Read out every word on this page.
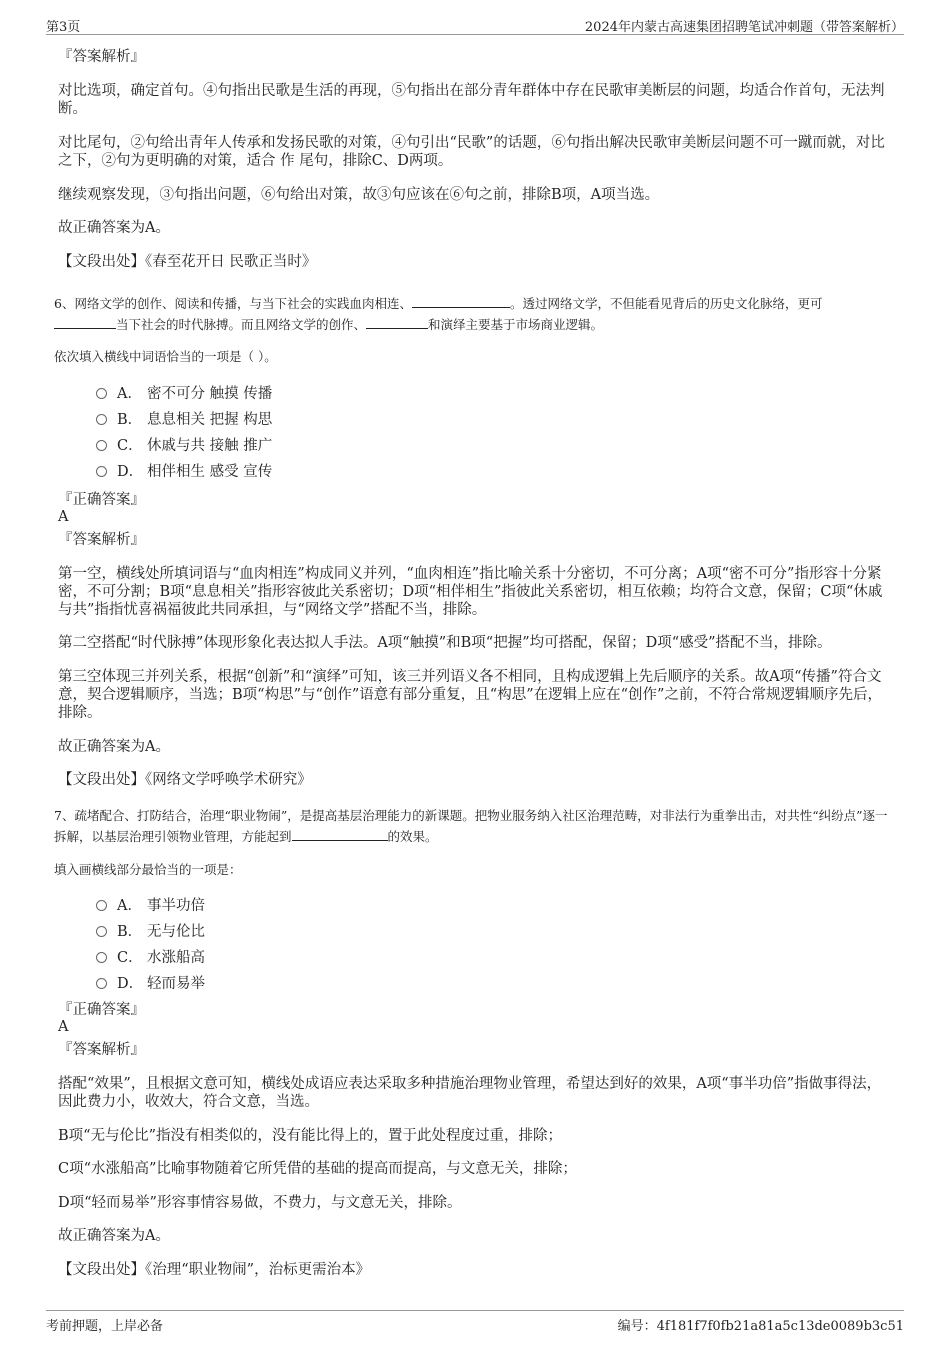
第3页	2024年内蒙古高速集团招聘笔试冲刺题（带答案解析）

『答案解析』

对比选项，确定首句。④句指出民歌是生活的再现，⑤句指出在部分青年群体中存在民歌审美断层的问题，均适合作首句，无法判断。

对比尾句，②句给出青年人传承和发扬民歌的对策，④句引出“民歌”的话题，⑥句指出解决民歌审美断层问题不可一蹴而就，对比之下，②句为更明确的对策，适合 作 尾句，排除C、D两项。

继续观察发现，③句指出问题，⑥句给出对策，故③句应该在⑥句之前，排除B项，A项当选。

故正确答案为A。

【文段出处】《春至花开日 民歌正当时》

6、网络文学的创作、阅读和传播，与当下社会的实践血肉相连、	。透过网络文学，不但能看见背后的历史文化脉络，更可
当下社会的时代脉搏。而且网络文学的创作、	和演绎主要基于市场商业逻辑。

依次填入横线中词语恰当的一项是（ ）。

A． 密不可分 触摸 传播
B． 息息相关 把握 构思
C． 休戚与共 接触 推广
D． 相伴相生 感受 宣传

『正确答案』

A

『答案解析』

第一空，横线处所填词语与“血肉相连”构成同义并列，“血肉相连”指比喻关系十分密切，不可分离；A项“密不可分”指形容十分紧密，不可分割；B项“息息相关”指形容彼此关系密切；D项“相伴相生”指彼此关系密切，相互依赖；均符合文意，保留；C项“休戚与共”指指忧喜祸福彼此共同承担，与“网络文学”搭配不当，排除。

第二空搭配“时代脉搏”体现形象化表达拟人手法。A项“触摸”和B项“把握”均可搭配，保留；D项“感受”搭配不当，排除。

第三空体现三并列关系，根据“创新”和“演绎”可知，该三并列语义各不相同，且构成逻辑上先后顺序的关系。故A项“传播”符合文意，契合逻辑顺序，当选；B项“构思”与“创作”语意有部分重复，且“构思”在逻辑上应在“创作”之前，不符合常规逻辑顺序先后，排除。

故正确答案为A。

【文段出处】《网络文学呼唤学术研究》

7、疏堵配合、打防结合，治理“职业物闹”，是提高基层治理能力的新课题。把物业服务纳入社区治理范畴，对非法行为重拳出击，对共性“纠纷点”逐一拆解，以基层治理引领物业管理，方能起到	的效果。

填入画横线部分最恰当的一项是：

A． 事半功倍
B． 无与伦比
C． 水涨船高
D． 轻而易举

『正确答案』

A

『答案解析』

搭配“效果”，且根据文意可知，横线处成语应表达采取多种措施治理物业管理，希望达到好的效果，A项“事半功倍”指做事得法，因此费力小，收效大，符合文意，当选。

B项“无与伦比”指没有相类似的，没有能比得上的，置于此处程度过重，排除；

C项“水涨船高”比喻事物随着它所凭借的基础的提高而提高，与文意无关，排除；

D项“轻而易举”形容事情容易做，不费力，与文意无关，排除。

故正确答案为A。

【文段出处】《治理“职业物闹”，治标更需治本》

考前押题，上岸必备	编号：4f181f7f0fb21a81a5c13de0089b3c51
